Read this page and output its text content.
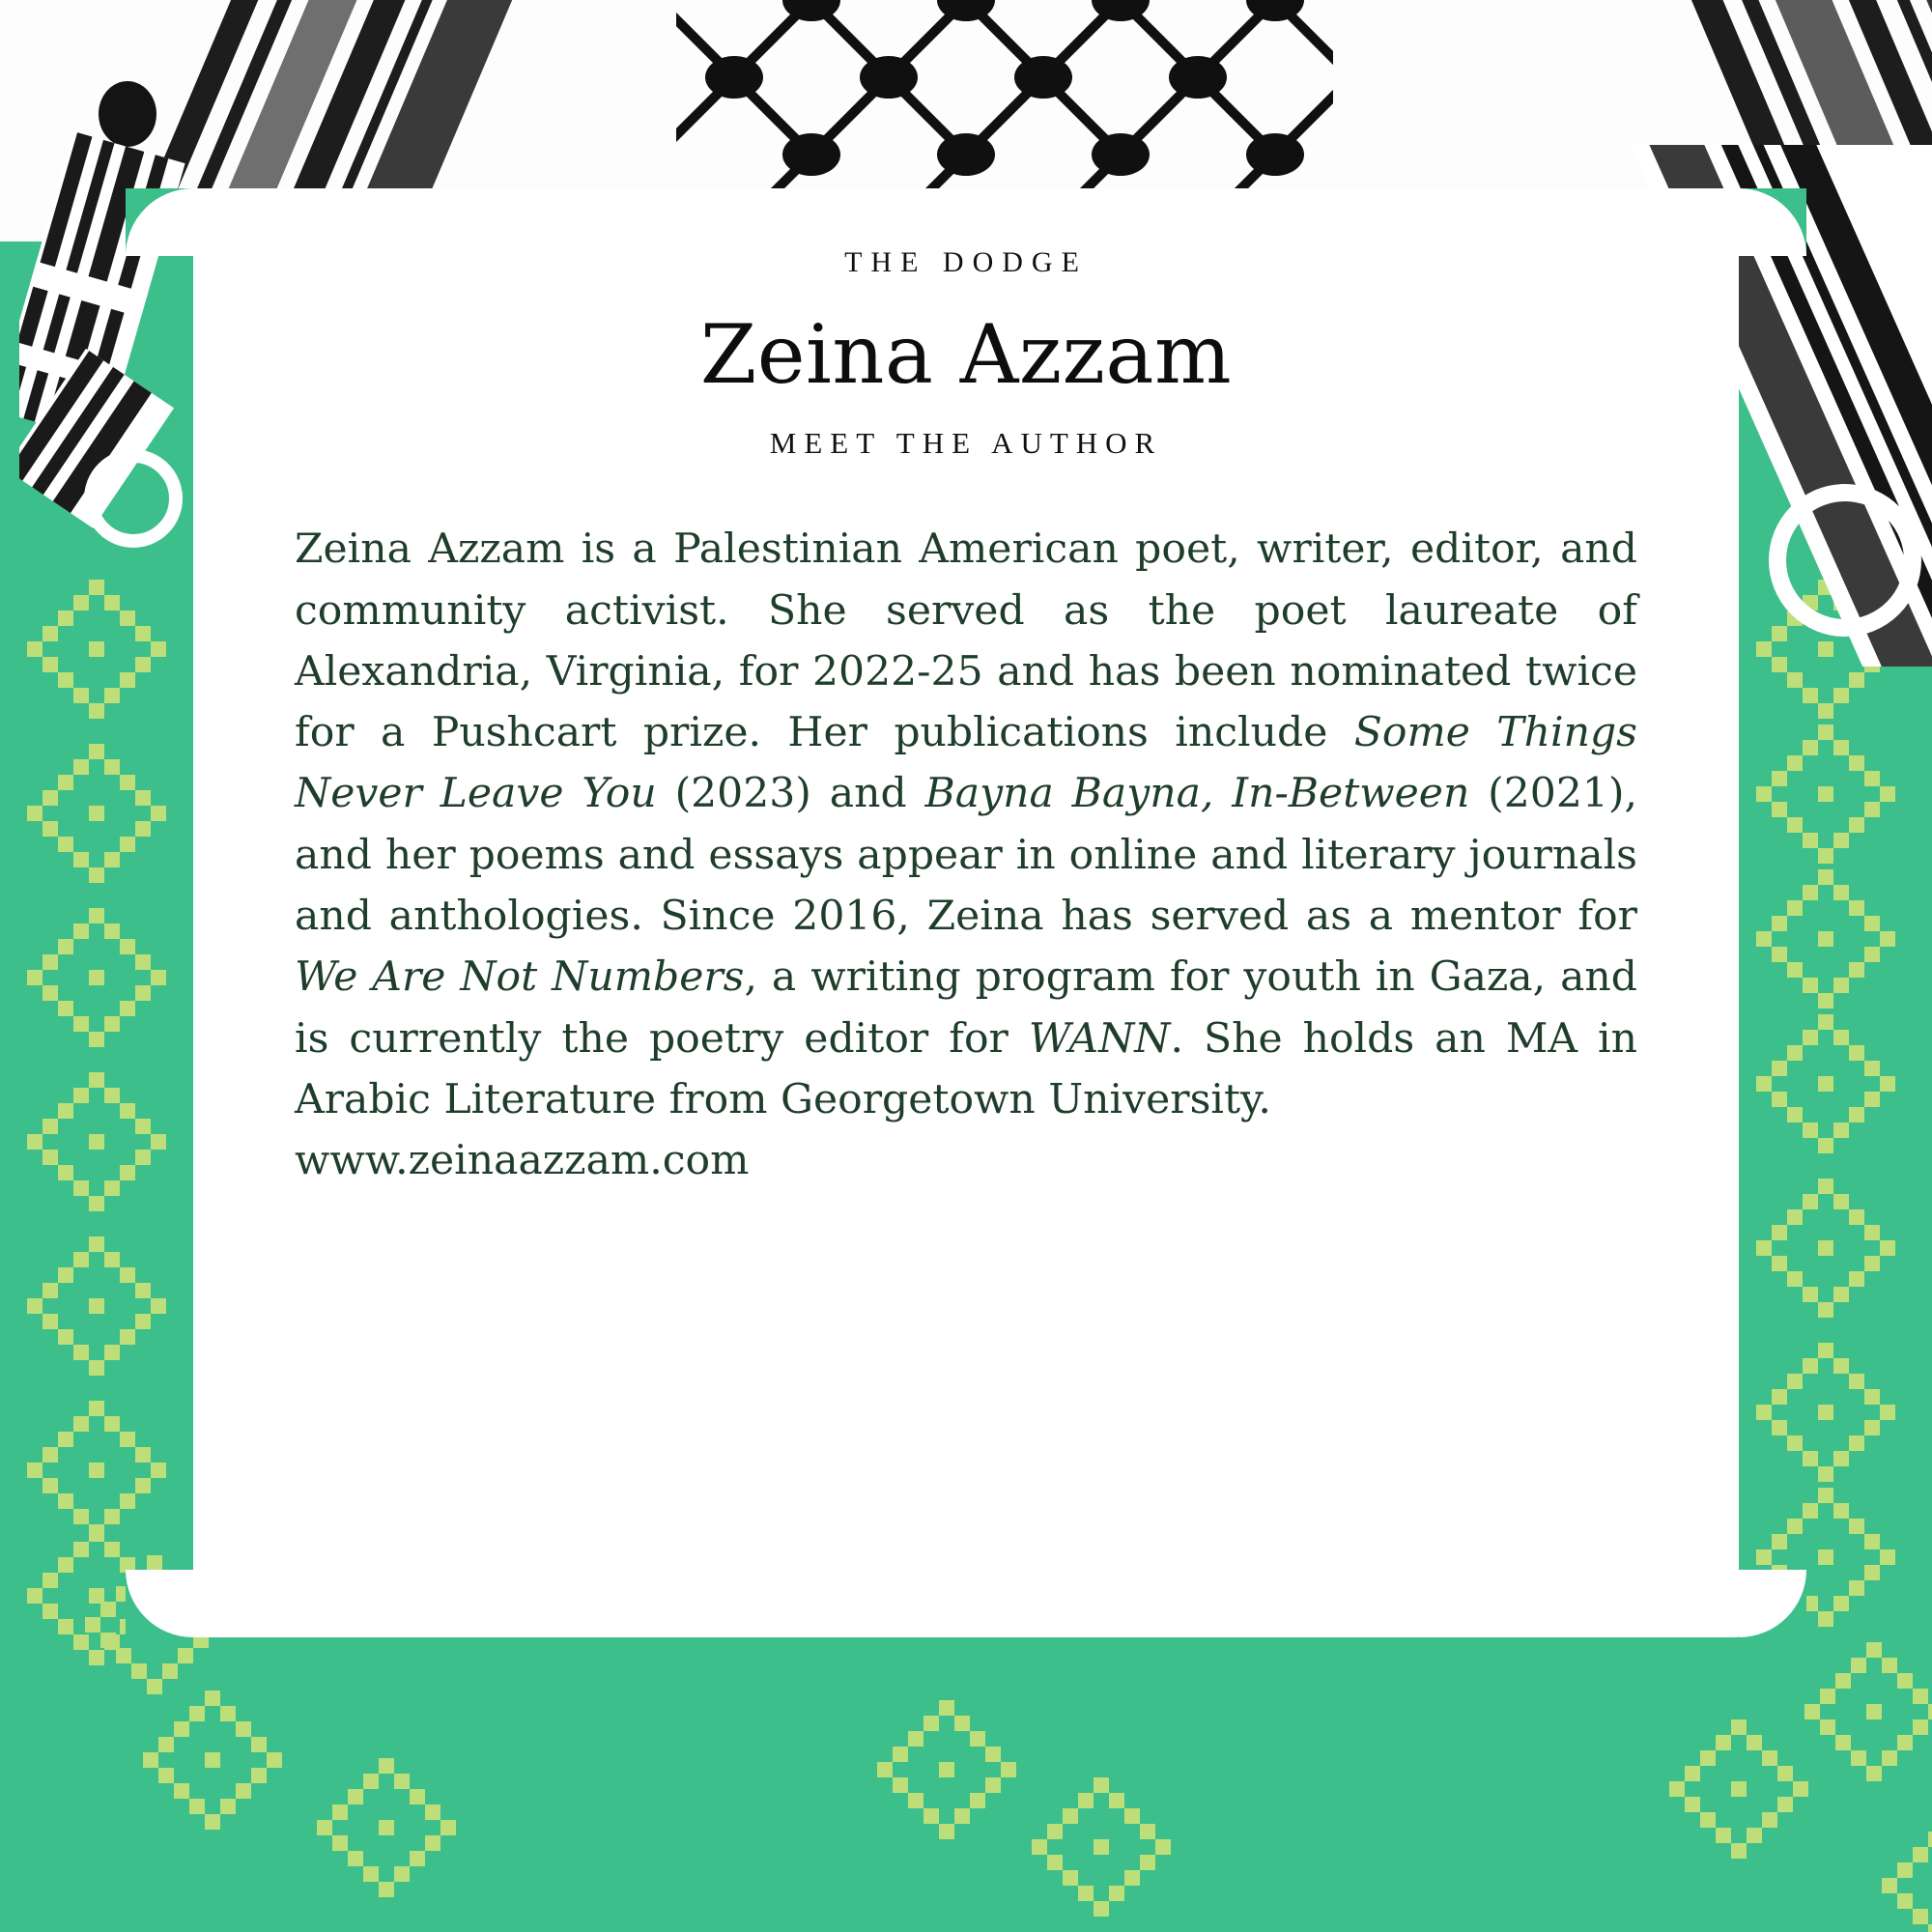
THE DODGE
Zeina Azzam
MEET THE AUTHOR

Zeina Azzam is a Palestinian American poet, writer, editor, and community activist. She served as the poet laureate of Alexandria, Virginia, for 2022-25 and has been nominated twice for a Pushcart prize. Her publications include Some Things Never Leave You (2023) and Bayna Bayna, In-Between (2021), and her poems and essays appear in online and literary journals and anthologies. Since 2016, Zeina has served as a mentor for We Are Not Numbers, a writing program for youth in Gaza, and is currently the poetry editor for WANN. She holds an MA in Arabic Literature from Georgetown University.
www.zeinaazzam.com
